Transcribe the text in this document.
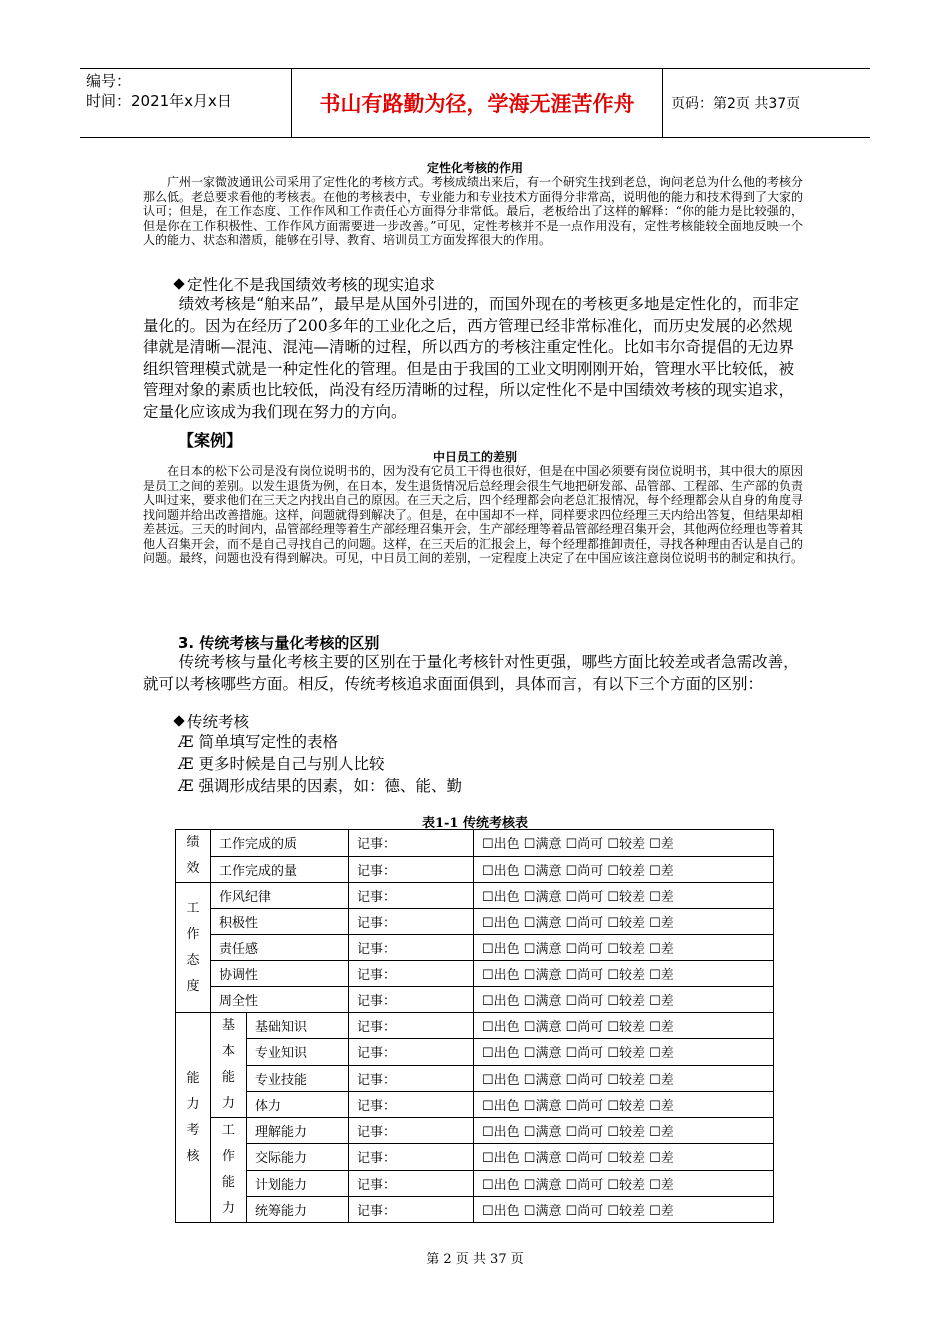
编号：
时间：2021年x月x日	书山有路勤为径，学海无涯苦作舟	页码：第2页 共37页
定性化考核的作用

广州一家微波通讯公司采用了定性化的考核方式。考核成绩出来后，有一个研究生找到老总，询问老总为什么他的考核分那么低。老总要求看他的考核表。在他的考核表中，专业能力和专业技术方面得分非常高，说明他的能力和技术得到了大家的认可；但是，在工作态度、工作作风和工作责任心方面得分非常低。最后，老板给出了这样的解释：“你的能力是比较强的，但是你在工作积极性、工作作风方面需要进一步改善。”可见，定性考核并不是一点作用没有，定性考核能较全面地反映一个人的能力、状态和潜质，能够在引导、教育、培训员工方面发挥很大的作用。

定性化不是我国绩效考核的现实追求

绩效考核是“舶来品”，最早是从国外引进的，而国外现在的考核更多地是定性化的，而非定量化的。因为在经历了200多年的工业化之后，西方管理已经非常标准化，而历史发展的必然规律就是清晰—混沌、混沌—清晰的过程，所以西方的考核注重定性化。比如韦尔奇提倡的无边界组织管理模式就是一种定性化的管理。但是由于我国的工业文明刚刚开始，管理水平比较低，被管理对象的素质也比较低，尚没有经历清晰的过程，所以定性化不是中国绩效考核的现实追求，定量化应该成为我们现在努力的方向。

【案例】
中日员工的差别

在日本的松下公司是没有岗位说明书的，因为没有它员工干得也很好，但是在中国必须要有岗位说明书，其中很大的原因是员工之间的差别。以发生退货为例，在日本，发生退货情况后总经理会很生气地把研发部、品管部、工程部、生产部的负责人叫过来，要求他们在三天之内找出自己的原因。在三天之后，四个经理都会向老总汇报情况，每个经理都会从自身的角度寻找问题并给出改善措施。这样，问题就得到解决了。但是，在中国却不一样，同样要求四位经理三天内给出答复，但结果却相差甚远。三天的时间内，品管部经理等着生产部经理召集开会，生产部经理等着品管部经理召集开会，其他两位经理也等着其他人召集开会，而不是自己寻找自己的问题。这样，在三天后的汇报会上，每个经理都推卸责任，寻找各种理由否认是自己的问题。最终，问题也没有得到解决。可见，中日员工间的差别，一定程度上决定了在中国应该注意岗位说明书的制定和执行。

3. 传统考核与量化考核的区别

传统考核与量化考核主要的区别在于量化考核针对性更强，哪些方面比较差或者急需改善，就可以考核哪些方面。相反，传统考核追求面面俱到，具体而言，有以下三个方面的区别：

传统考核
Æ 简单填写定性的表格
Æ 更多时候是自己与别人比较
Æ 强调形成结果的因素，如：德、能、勤
表1-1 传统考核表
绩效	工作完成的质		记事：	☐出色 ☐满意 ☐尚可 ☐较差 ☐差
	工作完成的量		记事：	☐出色 ☐满意 ☐尚可 ☐较差 ☐差

工作态度	作风纪律		记事：	☐出色 ☐满意 ☐尚可 ☐较差 ☐差
	积极性		记事：	☐出色 ☐满意 ☐尚可 ☐较差 ☐差
	责任感		记事：	☐出色 ☐满意 ☐尚可 ☐较差 ☐差
	协调性		记事：	☐出色 ☐满意 ☐尚可 ☐较差 ☐差
	周全性		记事：	☐出色 ☐满意 ☐尚可 ☐较差 ☐差

能力考核	基本能力	基础知识	记事：	☐出色 ☐满意 ☐尚可 ☐较差 ☐差
		专业知识	记事：	☐出色 ☐满意 ☐尚可 ☐较差 ☐差
		专业技能	记事：	☐出色 ☐满意 ☐尚可 ☐较差 ☐差
		体力	记事：	☐出色 ☐满意 ☐尚可 ☐较差 ☐差

	工作能力	理解能力	记事：	☐出色 ☐满意 ☐尚可 ☐较差 ☐差
		交际能力	记事：	☐出色 ☐满意 ☐尚可 ☐较差 ☐差
		计划能力	记事：	☐出色 ☐满意 ☐尚可 ☐较差 ☐差
		统筹能力	记事：	☐出色 ☐满意 ☐尚可 ☐较差 ☐差
第 2 页 共 37 页
